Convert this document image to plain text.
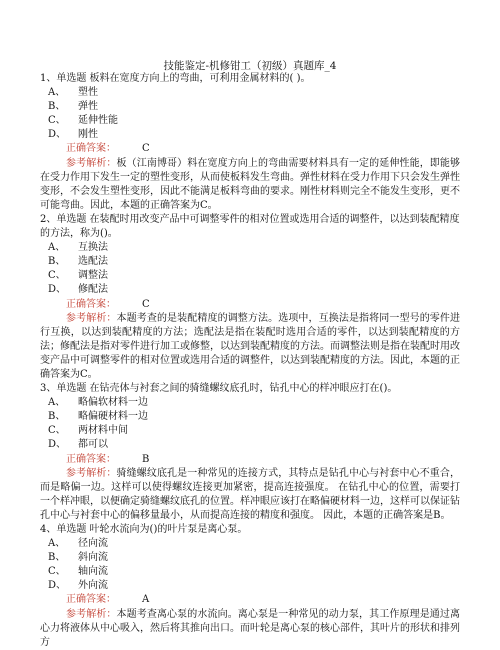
技能鉴定-机修钳工（初级）真题库_4

1、单选题 板料在宽度方向上的弯曲，可利用金属材料的( )。

A、	塑性
B、	弹性
C、	延伸性能
D、	刚性

正确答案：	C

参考解析：板（江南博哥）料在宽度方向上的弯曲需要材料具有一定的延伸性能，即能够在受力作用下发生一定的塑性变形，从而使板料发生弯曲。弹性材料在受力作用下只会发生弹性变形，不会发生塑性变形，因此不能满足板料弯曲的要求。刚性材料则完全不能发生变形，更不可能弯曲。因此，本题的正确答案为C。

2、单选题 在装配时用改变产品中可调整零件的相对位置或选用合适的调整件，以达到装配精度的方法，称为()。

A、	互换法
B、	选配法
C、	调整法
D、	修配法

正确答案：	C

参考解析：本题考查的是装配精度的调整方法。选项中，互换法是指将同一型号的零件进行互换，以达到装配精度的方法；选配法是指在装配时选用合适的零件，以达到装配精度的方法；修配法是指对零件进行加工或修整，以达到装配精度的方法。而调整法则是指在装配时用改变产品中可调整零件的相对位置或选用合适的调整件，以达到装配精度的方法。因此，本题的正确答案为C。

3、单选题 在钻壳体与衬套之间的骑缝螺纹底孔时，钻孔中心的样冲眼应打在()。

A、	略偏软材料一边
B、	略偏硬材料一边
C、	两材料中间
D、	都可以

正确答案：	B

参考解析：骑缝螺纹底孔是一种常见的连接方式，其特点是钻孔中心与衬套中心不重合，而是略偏一边。这样可以使得螺纹连接更加紧密，提高连接强度。 在钻孔中心的位置，需要打一个样冲眼，以便确定骑缝螺纹底孔的位置。样冲眼应该打在略偏硬材料一边，这样可以保证钻孔中心与衬套中心的偏移量最小，从而提高连接的精度和强度。 因此，本题的正确答案是B。

4、单选题 叶轮水流向为()的叶片泵是离心泵。

A、	径向流
B、	斜向流
C、	轴向流
D、	外向流

正确答案：	A

参考解析：本题考查离心泵的水流向。离心泵是一种常见的动力泵，其工作原理是通过离心力将液体从中心吸入，然后将其推向出口。而叶轮是离心泵的核心部件，其叶片的形状和排列方
